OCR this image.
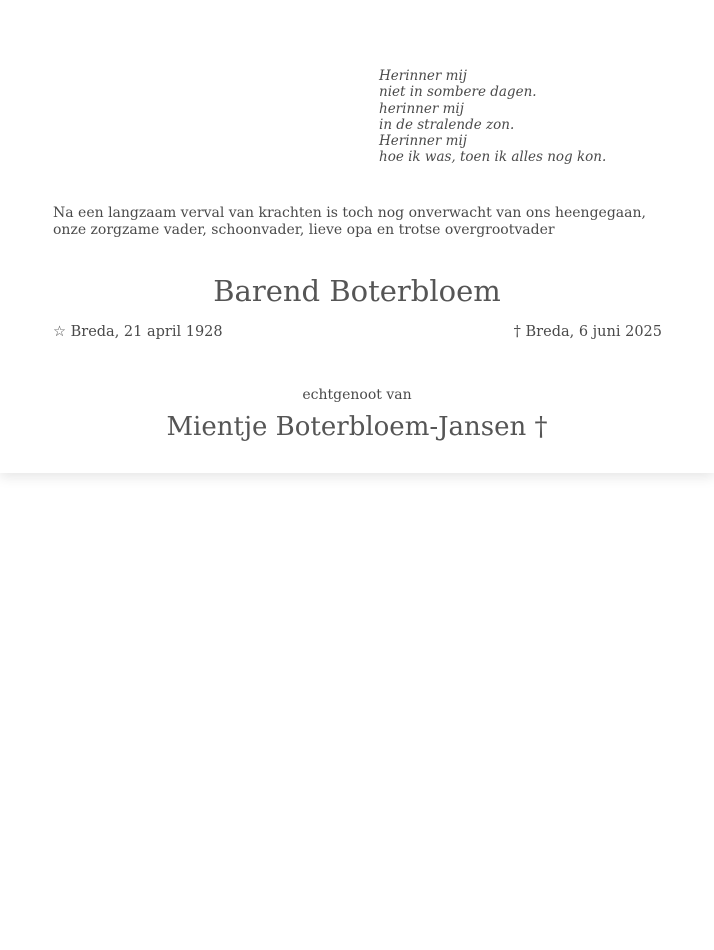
Herinner mij
niet in sombere dagen.
herinner mij
in de stralende zon.
Herinner mij
hoe ik was, toen ik alles nog kon.
Na een langzaam verval van krachten is toch nog onverwacht van ons heengegaan,
onze zorgzame vader, schoonvader, lieve opa en trotse overgrootvader
Barend Boterbloem
☆ Breda, 21 april 1928	† Breda, 6 juni 2025
echtgenoot van
Mientje Boterbloem-Jansen †
